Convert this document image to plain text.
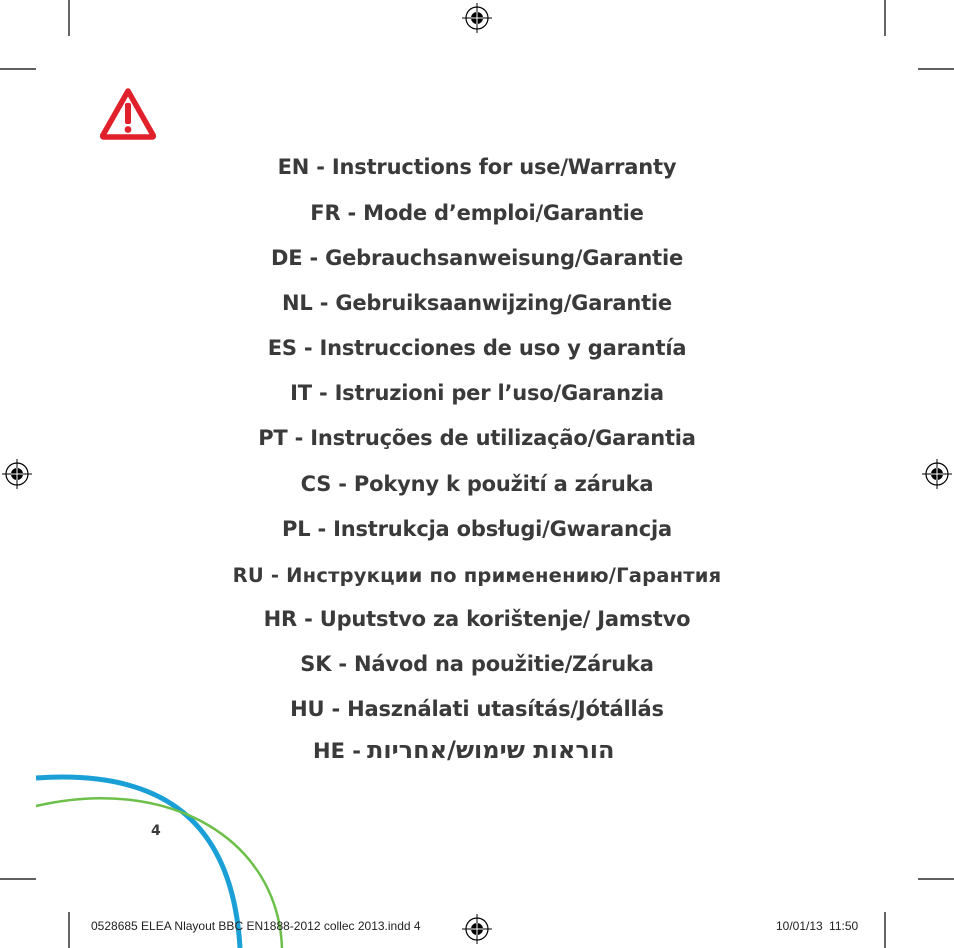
EN - Instructions for use/Warranty
FR - Mode d’emploi/Garantie
DE - Gebrauchsanweisung/Garantie
NL - Gebruiksaanwijzing/Garantie
ES - Instrucciones de uso y garantía
IT - Istruzioni per l’uso/Garanzia
PT - Instruções de utilização/Garantia
CS - Pokyny k použití a záruka
PL - Instrukcja obsługi/Gwarancja
RU - Инструкции по применению/Гарантия
HR - Uputstvo za korištenje/ Jamstvo
SK - Návod na použitie/Záruka
HU - Használati utasítás/Jótállás
HE - הוראות שימוש/אחריות
4
0528685 ELEA Nlayout BBC EN1888-2012 collec 2013.indd 4	10/01/13 11:50
